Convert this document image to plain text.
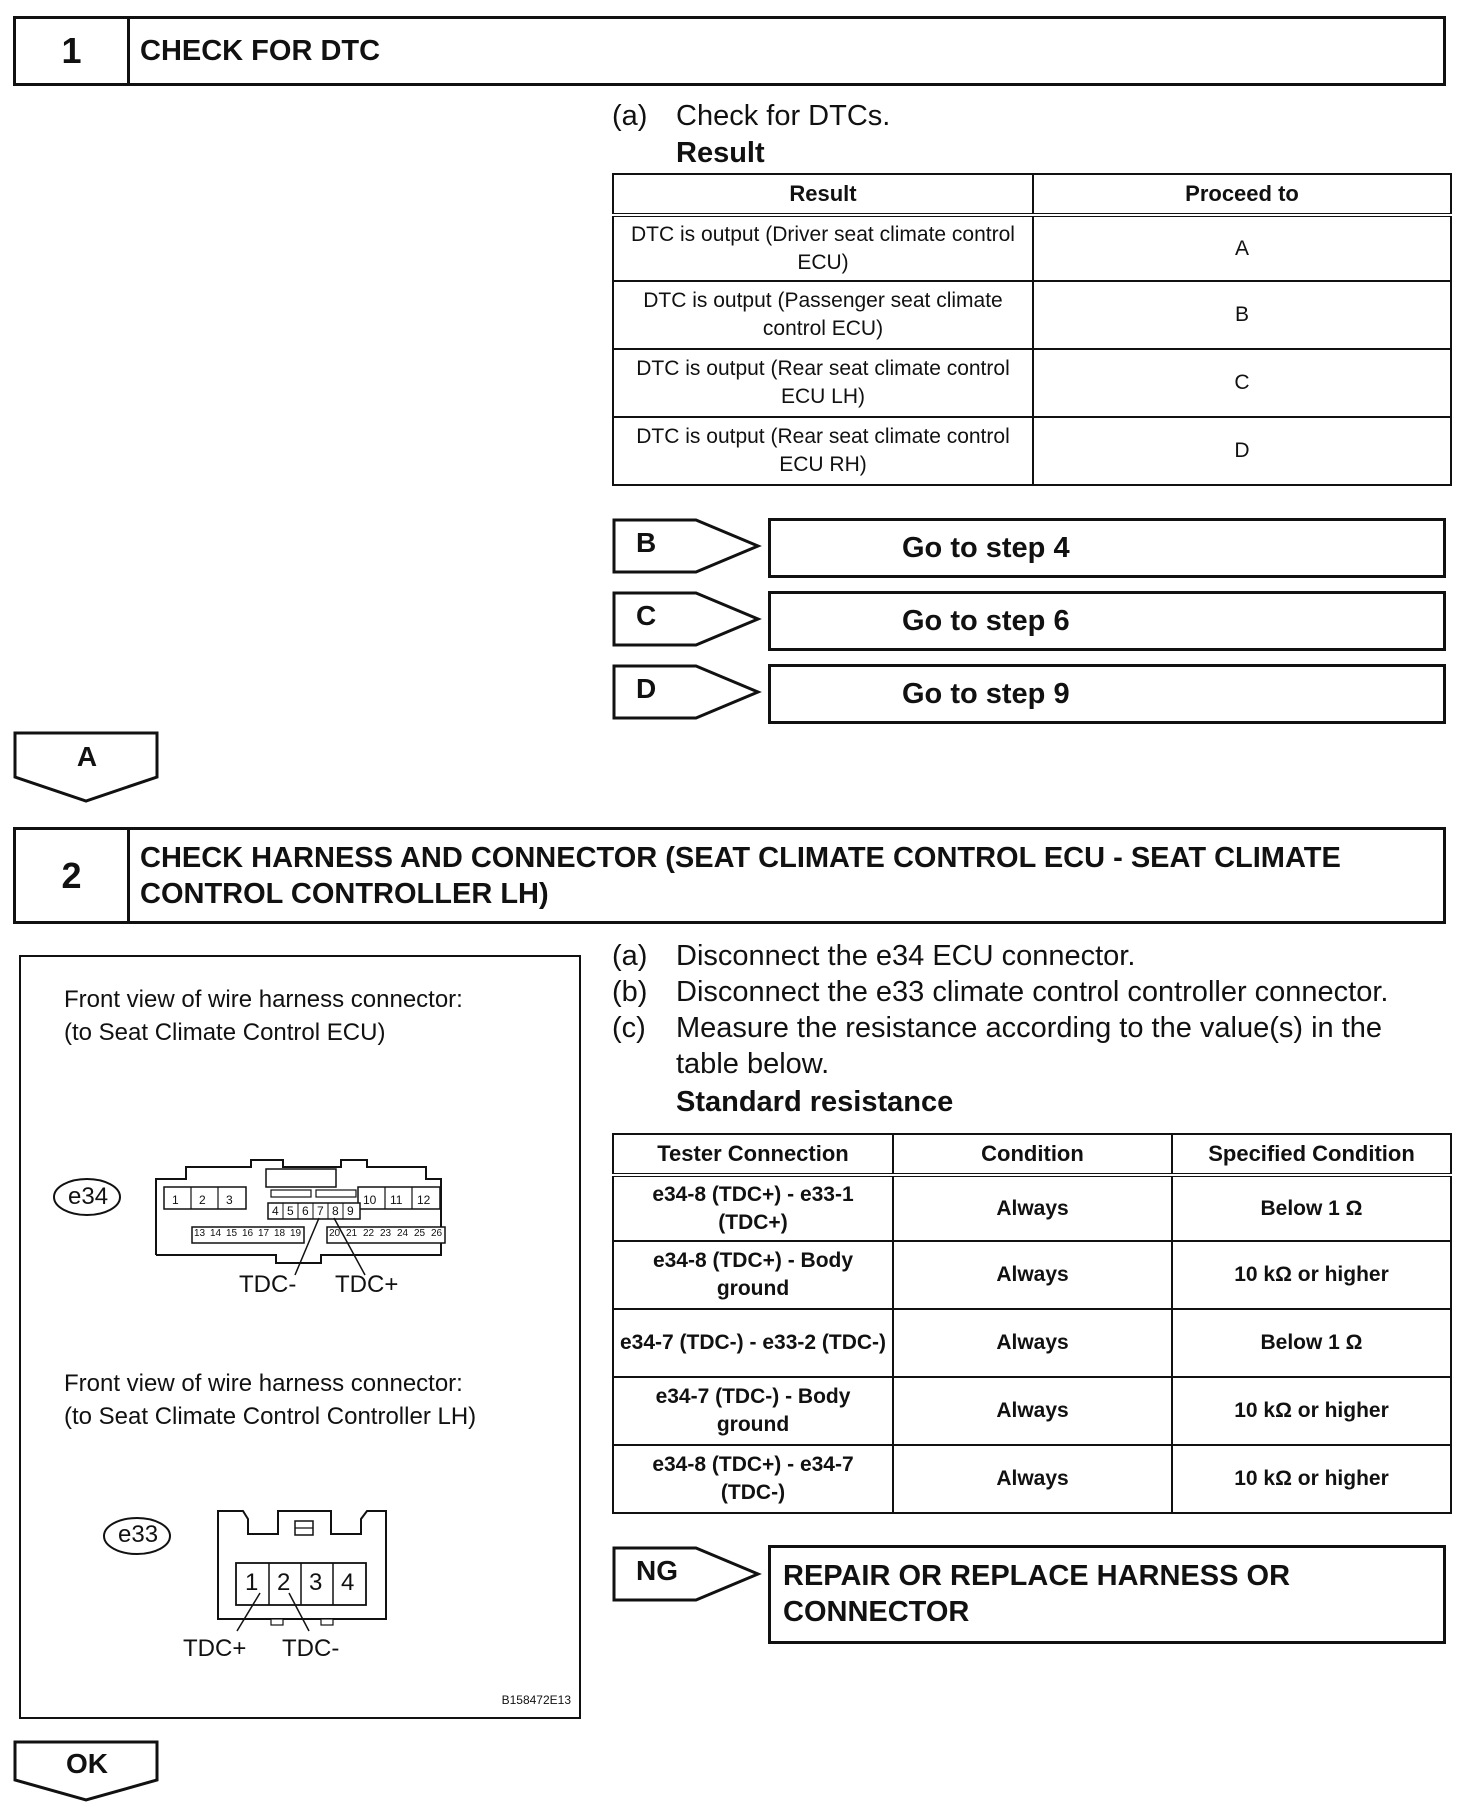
1	CHECK FOR DTC
(a) Check for DTCs.
Result
Result	Proceed to
DTC is output (Driver seat climate control ECU)	A
DTC is output (Passenger seat climate control ECU)	B
DTC is output (Rear seat climate control ECU LH)	C
DTC is output (Rear seat climate control ECU RH)	D
B	Go to step 4
C	Go to step 6
D	Go to step 9
A
2	CHECK HARNESS AND CONNECTOR (SEAT CLIMATE CONTROL ECU - SEAT CLIMATE CONTROL CONTROLLER LH)
(a) Disconnect the e34 ECU connector.
(b) Disconnect the e33 climate control controller connector.
(c) Measure the resistance according to the value(s) in the
table below.
Standard resistance
Tester Connection	Condition	Specified Condition
e34-8 (TDC+) - e33-1 (TDC+)	Always	Below 1 Ω
e34-8 (TDC+) - Body ground	Always	10 kΩ or higher
e34-7 (TDC-) - e33-2 (TDC-)	Always	Below 1 Ω
e34-7 (TDC-) - Body ground	Always	10 kΩ or higher
e34-8 (TDC+) - e34-7 (TDC-)	Always	10 kΩ or higher
NG	REPAIR OR REPLACE HARNESS OR
CONNECTOR
OK
Front view of wire harness connector:
(to Seat Climate Control ECU)
e34	1 2 3	10 11 12
4 5 6 7 8 9
13 14 15 16 17 18 19	20 21 22 23 24 25 26
TDC- TDC+
Front view of wire harness connector:
(to Seat Climate Control Controller LH)
e33
1 2 3 4
TDC+ TDC-
B158472E13
